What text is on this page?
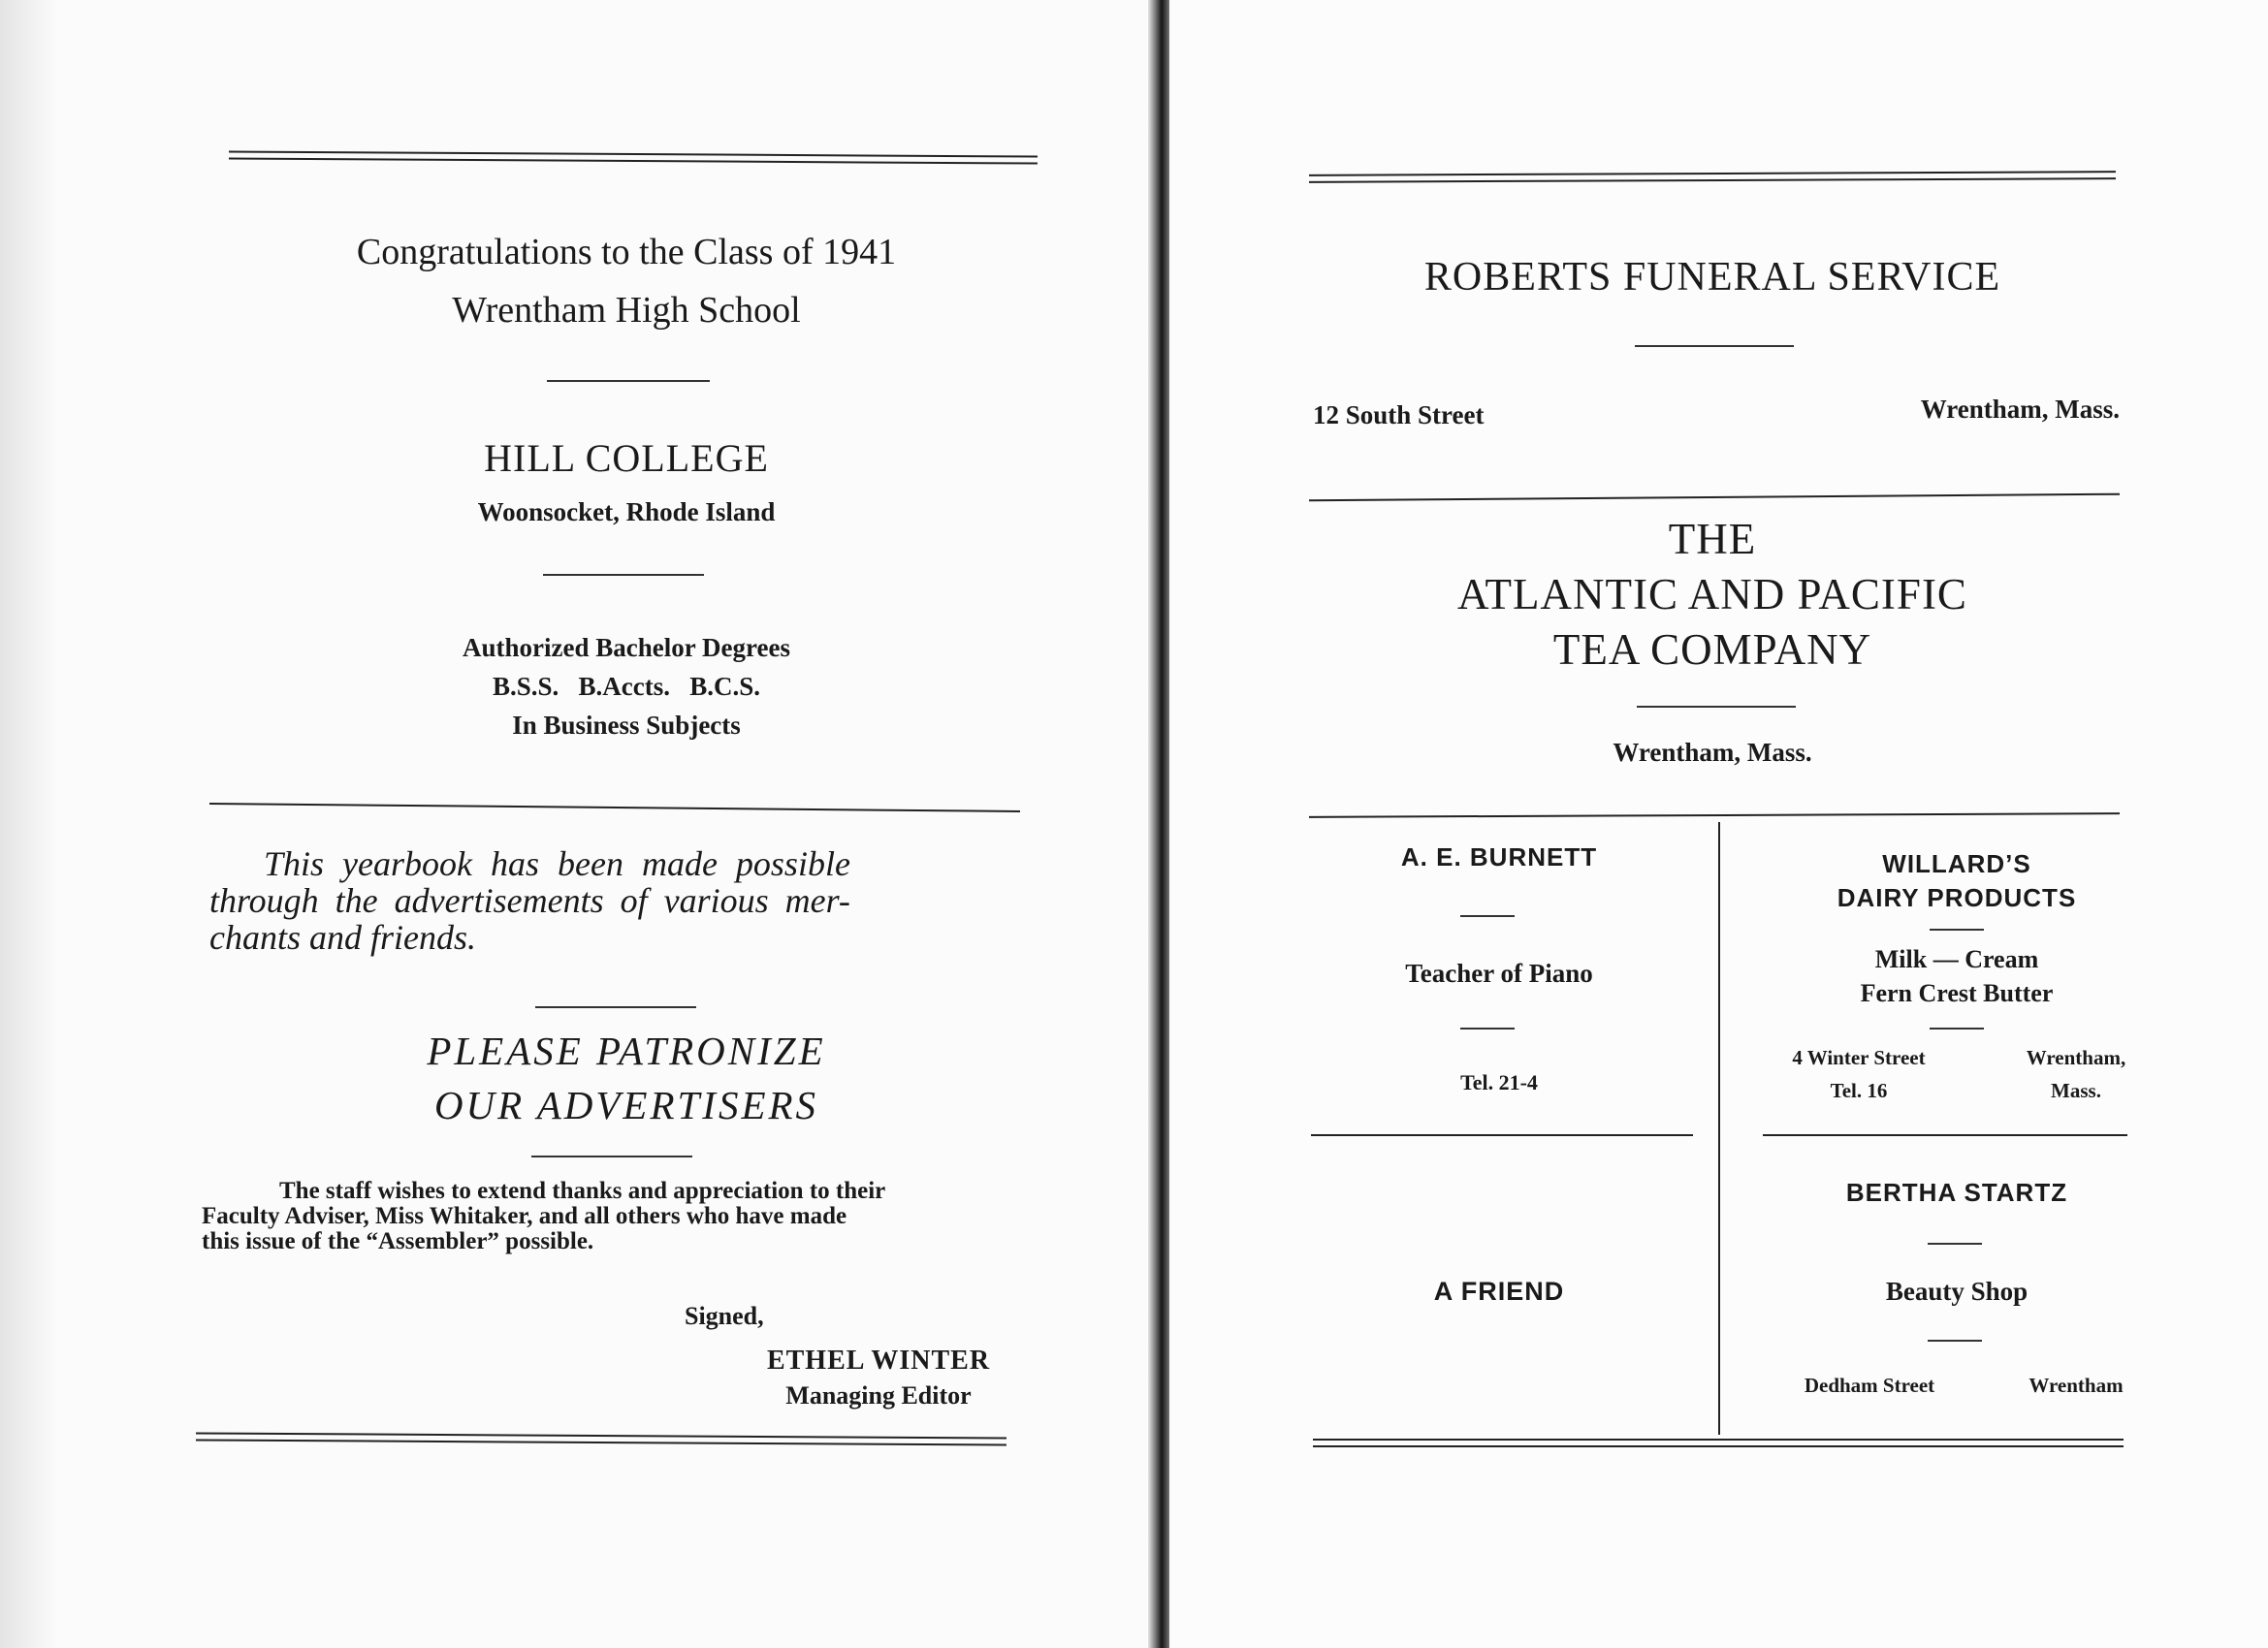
Congratulations to the Class of 1941
Wrentham High School
HILL COLLEGE
Woonsocket, Rhode Island
Authorized Bachelor Degrees
B.S.S. B.Accts. B.C.S.
In Business Subjects
This yearbook has been made possible
through the advertisements of various mer-
chants and friends.
PLEASE PATRONIZE
OUR ADVERTISERS
The staff wishes to extend thanks and appreciation to their
Faculty Adviser, Miss Whitaker, and all others who have made
this issue of the “Assembler” possible.
Signed,
ETHEL WINTER
Managing Editor
ROBERTS FUNERAL SERVICE
12 South Street	Wrentham, Mass.
THE
ATLANTIC AND PACIFIC
TEA COMPANY
Wrentham, Mass.
A. E. BURNETT
Teacher of Piano
Tel. 21-4
A FRIEND
WILLARD’S
DAIRY PRODUCTS
Milk — Cream
Fern Crest Butter
4 Winter Street
Tel. 16
Wrentham,
Mass.
BERTHA STARTZ
Beauty Shop
Dedham Street	Wrentham
